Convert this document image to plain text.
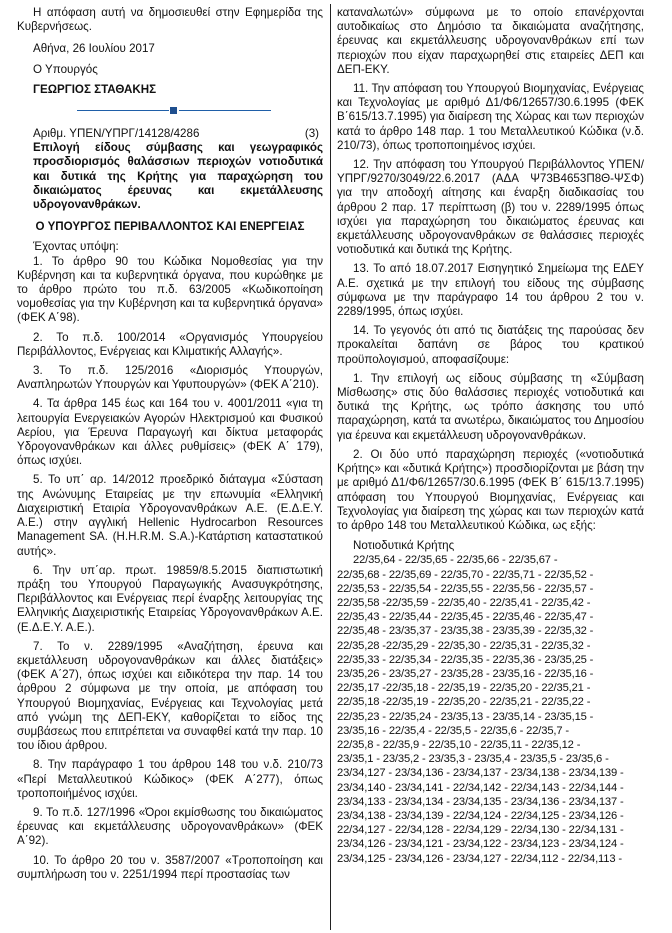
Η απόφαση αυτή να δημοσιευθεί στην Εφημερίδα της Κυβερνήσεως.

Αθήνα, 26 Ιουλίου 2017

Ο Υπουργός

ΓΕΩΡΓΙΟΣ ΣΤΑΘΑΚΗΣ

Αριθμ. ΥΠΕΝ/ΥΠΡΓ/14128/4286	(3)

Επιλογή είδους σύμβασης και γεωγραφικός προσδιορισμός θαλάσσιων περιοχών νοτιοδυτικά και δυτικά της Κρήτης για παραχώρηση του δικαιώματος έρευνας και εκμετάλλευσης υδρογονανθράκων.

Ο ΥΠΟΥΡΓΟΣ ΠΕΡΙΒΑΛΛΟΝΤΟΣ ΚΑΙ ΕΝΕΡΓΕΙΑΣ

Έχοντας υπόψη:

1. Το άρθρο 90 του Κώδικα Νομοθεσίας για την Κυβέρνηση και τα κυβερνητικά όργανα, που κυρώθηκε με το άρθρο πρώτο του π.δ. 63/2005 «Κωδικοποίηση νομοθεσίας για την Κυβέρνηση και τα κυβερνητικά όργανα» (ΦΕΚ Α΄98).

2. Το π.δ. 100/2014 «Οργανισμός Υπουργείου Περιβάλλοντος, Ενέργειας και Κλιματικής Αλλαγής».

3. Το π.δ. 125/2016 «Διορισμός Υπουργών, Αναπληρωτών Υπουργών και Υφυπουργών» (ΦΕΚ Α΄210).

4. Τα άρθρα 145 έως και 164 του ν. 4001/2011 «για τη λειτουργία Ενεργειακών Αγορών Ηλεκτρισμού και Φυσικού Αερίου, για Έρευνα Παραγωγή και δίκτυα μεταφοράς Υδρογονανθράκων και άλλες ρυθμίσεις» (ΦΕΚ Α΄ 179), όπως ισχύει.

5. Το υπ΄ αρ. 14/2012 προεδρικό διάταγμα «Σύσταση της Ανώνυμης Εταιρείας με την επωνυμία «Ελληνική Διαχειριστική Εταιρία Υδρογονανθράκων Α.Ε. (Ε.Δ.Ε.Υ. Α.Ε.) στην αγγλική Hellenic Hydrocarbon Resources Management SA. (H.H.R.M. S.A.)-Κατάρτιση καταστατικού αυτής».

6. Την υπ΄αρ. πρωτ. 19859/8.5.2015 διαπιστωτική πράξη του Υπουργού Παραγωγικής Ανασυγκρότησης, Περιβάλλοντος και Ενέργειας περί έναρξης λειτουργίας της Ελληνικής Διαχειριστικής Εταιρείας Υδρογονανθράκων Α.Ε. (Ε.Δ.Ε.Υ. Α.Ε.).

7. Το ν. 2289/1995 «Αναζήτηση, έρευνα και εκμετάλλευση υδρογονανθράκων και άλλες διατάξεις» (ΦΕΚ Α΄27), όπως ισχύει και ειδικότερα την παρ. 14 του άρθρου 2 σύμφωνα με την οποία, με απόφαση του Υπουργού Βιομηχανίας, Ενέργειας και Τεχνολογίας μετά από γνώμη της ΔΕΠ-ΕΚΥ, καθορίζεται το είδος της συμβάσεως που επιτρέπεται να συναφθεί κατά την παρ. 10 του ίδιου άρθρου.

8. Την παράγραφο 1 του άρθρου 148 του ν.δ. 210/73 «Περί Μεταλλευτικού Κώδικος» (ΦΕΚ Α΄277), όπως τροποποιήμένος ισχύει.

9. Το π.δ. 127/1996 «Όροι εκμίσθωσης του δικαιώματος έρευνας και εκμετάλλευσης υδρογονανθράκων» (ΦΕΚ Α΄92).

10. Το άρθρο 20 του ν. 3587/2007 «Τροποποίηση και συμπλήρωση του ν. 2251/1994 περί προστασίας των

καταναλωτών» σύμφωνα με το οποίο επανέρχονται αυτοδικαίως στο Δημόσιο τα δικαιώματα αναζήτησης, έρευνας και εκμετάλλευσης υδρογονανθράκων επί των περιοχών που είχαν παραχωρηθεί στις εταιρείες ΔΕΠ και ΔΕΠ-ΕΚΥ.

11. Την απόφαση του Υπουργού Βιομηχανίας, Ενέργειας και Τεχνολογίας με αριθμό Δ1/Φ6/12657/30.6.1995 (ΦΕΚ Β΄615/13.7.1995) για διαίρεση της Χώρας και των περιοχών κατά το άρθρο 148 παρ. 1 του Μεταλλευτικού Κώδικα (ν.δ. 210/73), όπως τροποποιημένος ισχύει.

12. Την απόφαση του Υπουργού Περιβάλλοντος ΥΠΕΝ/ΥΠΡΓ/9270/3049/22.6.2017 (ΑΔΑ Ψ73Β4653Π8Θ-ΨΣΦ) για την αποδοχή αίτησης και έναρξη διαδικασίας του άρθρου 2 παρ. 17 περίπτωση (β) του ν. 2289/1995 όπως ισχύει για παραχώρηση του δικαιώματος έρευνας και εκμετάλλευσης υδρογονανθράκων σε θαλάσσιες περιοχές νοτιοδυτικά και δυτικά της Κρήτης.

13. Το από 18.07.2017 Εισηγητικό Σημείωμα της ΕΔΕΥ Α.Ε. σχετικά με την επιλογή του είδους της σύμβασης σύμφωνα με την παράγραφο 14 του άρθρου 2 του ν. 2289/1995, όπως ισχύει.

14. Το γεγονός ότι από τις διατάξεις της παρούσας δεν προκαλείται δαπάνη σε βάρος του κρατικού προϋπολογισμού, αποφασίζουμε:

1. Την επιλογή ως είδους σύμβασης τη «Σύμβαση Μίσθωσης» στις δύο θαλάσσιες περιοχές νοτιοδυτικά και δυτικά της Κρήτης, ως τρόπο άσκησης του υπό παραχώρηση, κατά τα ανωτέρω, δικαιώματος του Δημοσίου για έρευνα και εκμετάλλευση υδρογονανθράκων.

2. Οι δύο υπό παραχώρηση περιοχές («νοτιοδυτικά Κρήτης» και «δυτικά Κρήτης») προσδιορίζονται με βάση την με αριθμό Δ1/Φ6/12657/30.6.1995 (ΦΕΚ Β΄ 615/13.7.1995) απόφαση του Υπουργού Βιομηχανίας, Ενέργειας και Τεχνολογίας για διαίρεση της χώρας και των περιοχών κατά το άρθρο 148 του Μεταλλευτικού Κώδικα, ως εξής:

Νοτιοδυτικά Κρήτης

22/35,64 - 22/35,65 - 22/35,66 - 22/35,67 -

22/35,68 - 22/35,69 - 22/35,70 - 22/35,71 - 22/35,52 -

22/35,53 - 22/35,54 - 22/35,55 - 22/35,56 - 22/35,57 -

22/35,58 -22/35,59 - 22/35,40 - 22/35,41 - 22/35,42 -

22/35,43 - 22/35,44 - 22/35,45 - 22/35,46 - 22/35,47 -

22/35,48 - 23/35,37 - 23/35,38 - 23/35,39 - 22/35,32 -

22/35,28 -22/35,29 - 22/35,30 - 22/35,31 - 22/35,32 -

22/35,33 - 22/35,34 - 22/35,35 - 22/35,36 - 23/35,25 -

23/35,26 - 23/35,27 - 23/35,28 - 23/35,16 - 22/35,16 -

22/35,17 -22/35,18 - 22/35,19 - 22/35,20 - 22/35,21 -

22/35,18 -22/35,19 - 22/35,20 - 22/35,21 - 22/35,22 -

22/35,23 - 22/35,24 - 23/35,13 - 23/35,14 - 23/35,15 -

23/35,16 - 22/35,4 - 22/35,5 - 22/35,6 - 22/35,7 -

22/35,8 - 22/35,9 - 22/35,10 - 22/35,11 - 22/35,12 -

23/35,1 - 23/35,2 - 23/35,3 - 23/35,4 - 23/35,5 - 23/35,6 -

23/34,127 - 23/34,136 - 23/34,137 - 23/34,138 - 23/34,139 -

23/34,140 - 23/34,141 - 22/34,142 - 22/34,143 - 22/34,144 -

23/34,133 - 23/34,134 - 23/34,135 - 23/34,136 - 23/34,137 -

23/34,138 - 23/34,139 - 22/34,124 - 22/34,125 - 23/34,126 -

22/34,127 - 22/34,128 - 22/34,129 - 22/34,130 - 22/34,131 -

23/34,126 - 23/34,121 - 23/34,122 - 23/34,123 - 23/34,124 -

23/34,125 - 23/34,126 - 23/34,127 - 22/34,112 - 22/34,113 -
